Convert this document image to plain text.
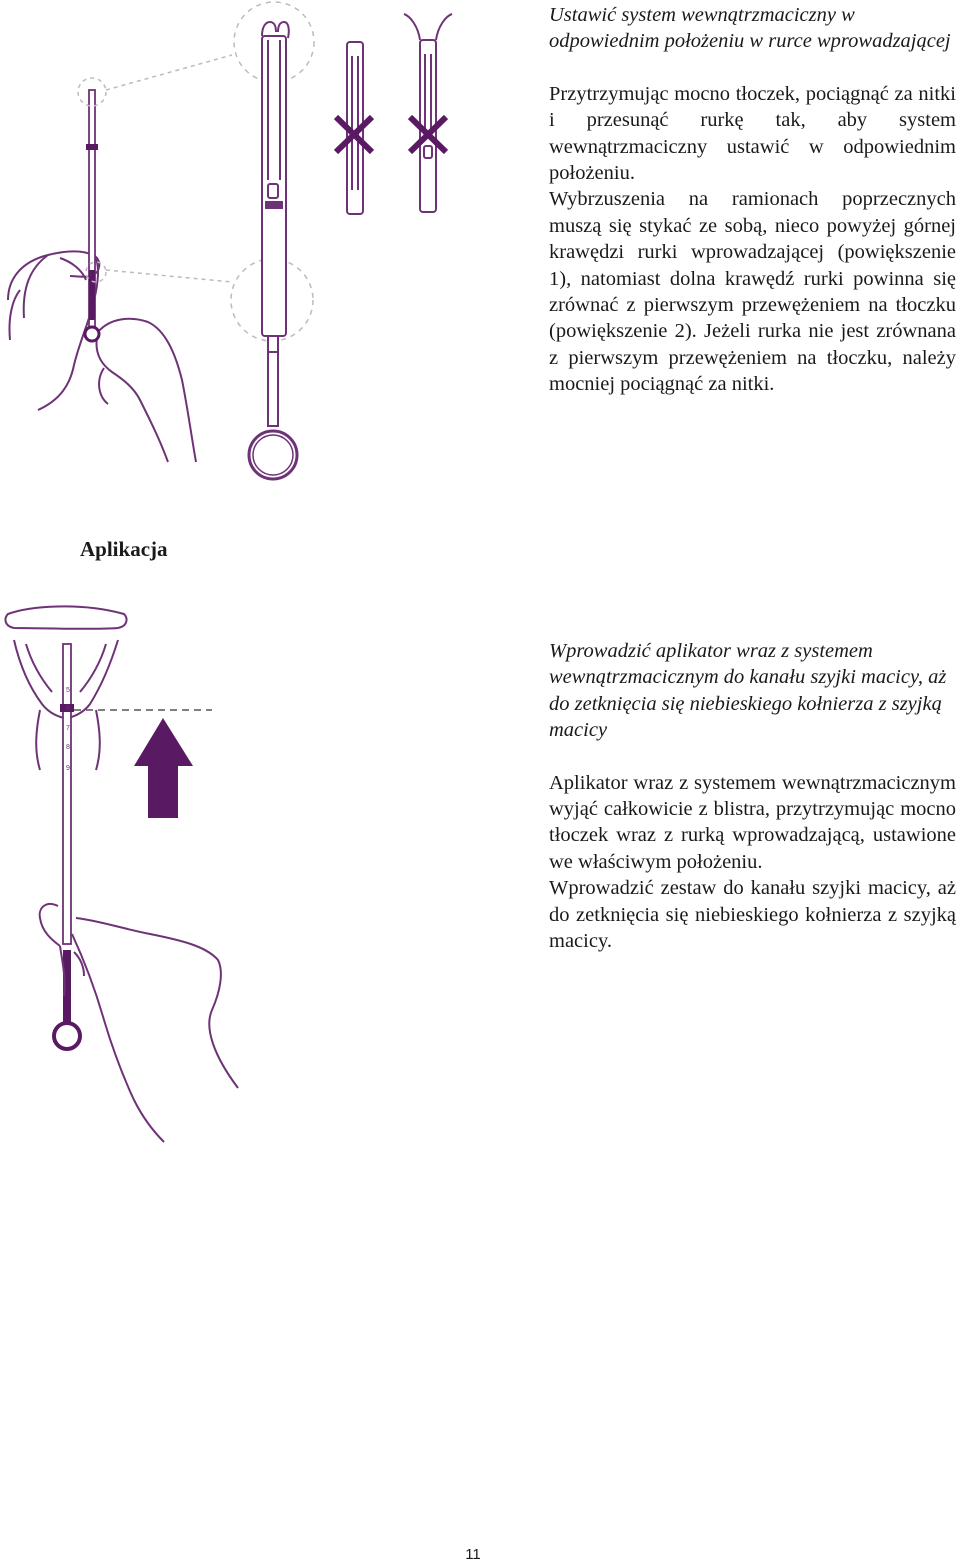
Ustawić system wewnątrzmaciczny w odpowiednim położeniu w rurce wprowadzającej

Przytrzymując mocno tłoczek, pociągnąć za nitki i przesunąć rurkę tak, aby system wewnątrzmaciczny ustawić w odpowiednim położeniu.

Wybrzuszenia na ramionach poprzecznych muszą się stykać ze sobą, nieco powyżej górnej krawędzi rurki wprowadzającej (powiększenie 1), natomiast dolna krawędź rurki powinna się zrównać z pierwszym przewężeniem na tłoczku (powiększenie 2). Jeżeli rurka nie jest zrównana z pierwszym przewężeniem na tłoczku, należy mocniej pociągnąć za nitki.

Aplikacja
5
6
7
8
9

Wprowadzić aplikator wraz z systemem wewnątrzmacicznym do kanału szyjki macicy, aż do zetknięcia się niebieskiego kołnierza z szyjką macicy

Aplikator wraz z systemem wewnątrzmacicznym wyjąć całkowicie z blistra, przytrzymując mocno tłoczek wraz z rurką wprowadzającą, ustawione we właściwym położeniu.

Wprowadzić zestaw do kanału szyjki macicy, aż do zetknięcia się niebieskiego kołnierza z szyjką macicy.

11
